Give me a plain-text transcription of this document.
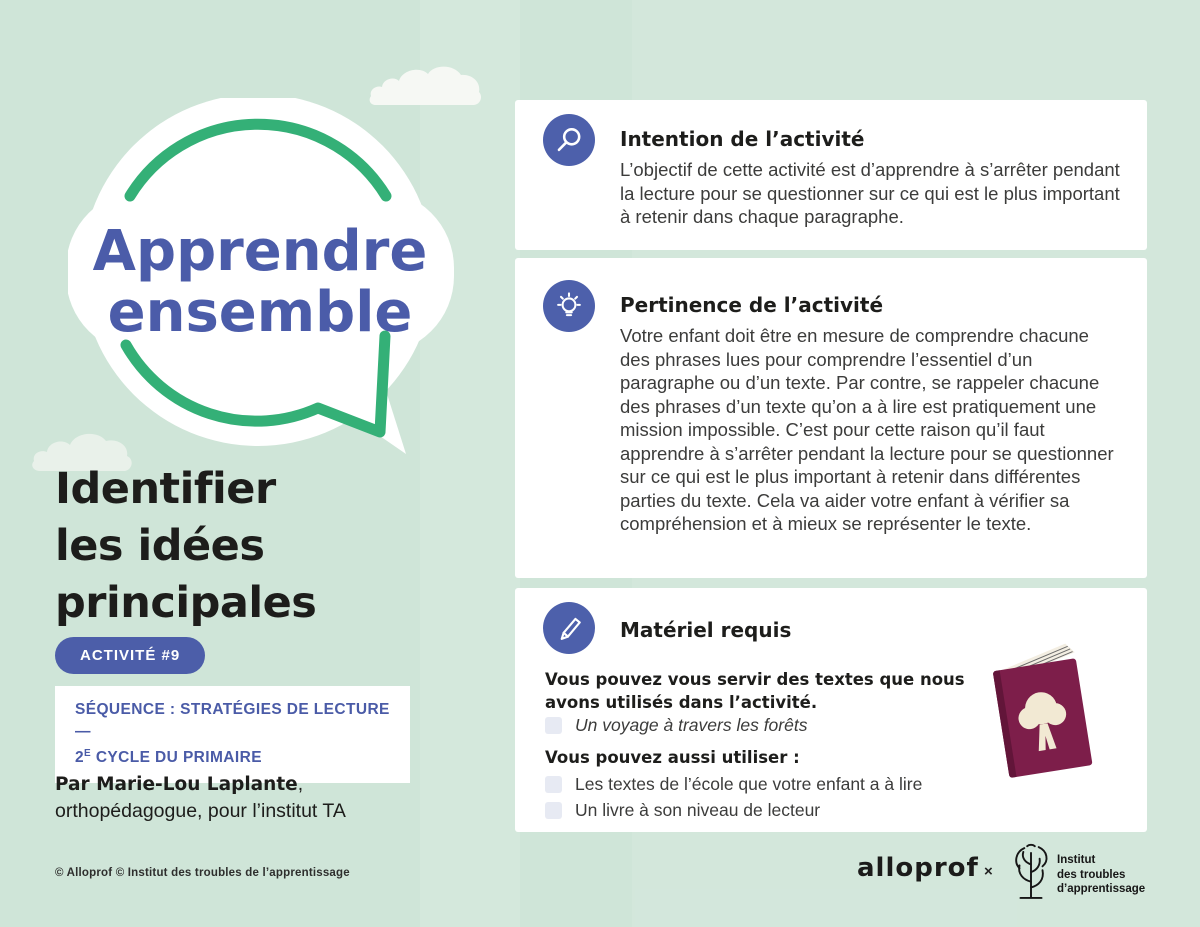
Apprendre
ensemble
Identifier
les idées
principales
ACTIVITÉ #9
SÉQUENCE : STRATÉGIES DE LECTURE —
$2^E$ CYCLE DU PRIMAIRE
Par Marie-Lou Laplante,
orthopédagogue, pour l’institut TA
Intention de l’activité
L’objectif de cette activité est d’apprendre à s’arrêter pendant la lecture pour se questionner sur ce qui est le plus important à retenir dans chaque paragraphe.
Pertinence de l’activité
Votre enfant doit être en mesure de comprendre chacune des phrases lues pour comprendre l’essentiel d’un paragraphe ou d’un texte. Par contre, se rappeler chacune des phrases d’un texte qu’on a à lire est pratiquement une mission impossible. C’est pour cette raison qu’il faut apprendre à s’arrêter pendant la lecture pour se questionner sur ce qui est le plus important à retenir dans différentes parties du texte. Cela va aider votre enfant à vérifier sa compréhension et à mieux se représenter le texte.
Matériel requis
Vous pouvez vous servir des textes que nous avons utilisés dans l’activité.
Un voyage à travers les forêts
Vous pouvez aussi utiliser :
Les textes de l’école que votre enfant a à lire
Un livre à son niveau de lecteur
© Alloprof © Institut des troubles de l’apprentissage	alloprof ×
Institut
des troubles
d’apprentissage
